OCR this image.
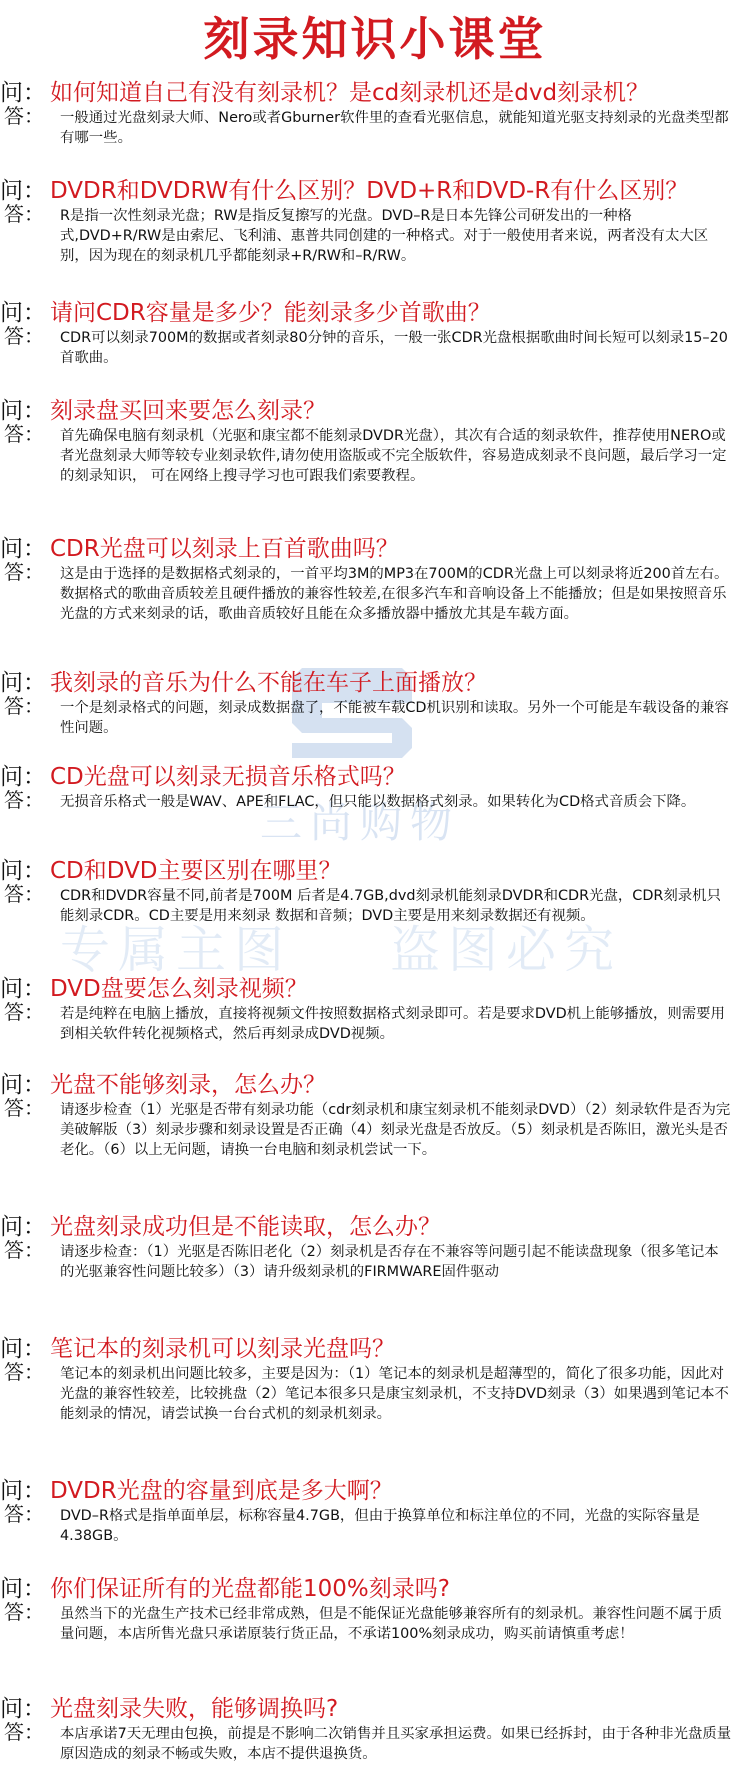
刻录知识小课堂
三尚购物
专属主图 盗图必究
问： 如何知道自己有没有刻录机？是cd刻录机还是dvd刻录机？
答：	一般通过光盘刻录大师、Nero或者Gburner软件里的查看光驱信息，就能知道光驱支持刻录的光盘类型都有哪一些。
问： DVDR和DVDRW有什么区别？DVD+R和DVD-R有什么区别？
答：	R是指一次性刻录光盘；RW是指反复擦写的光盘。DVD–R是日本先锋公司研发出的一种格式,DVD+R/RW是由索尼、飞利浦、惠普共同创建的一种格式。对于一般使用者来说，两者没有太大区别，因为现在的刻录机几乎都能刻录+R/RW和–R/RW。
问： 请问CDR容量是多少？能刻录多少首歌曲？
答：	CDR可以刻录700M的数据或者刻录80分钟的音乐，一般一张CDR光盘根据歌曲时间长短可以刻录15–20首歌曲。
问： 刻录盘买回来要怎么刻录？
答：	首先确保电脑有刻录机（光驱和康宝都不能刻录DVDR光盘），其次有合适的刻录软件，推荐使用NERO或者光盘刻录大师等较专业刻录软件,请勿使用盗版或不完全版软件，容易造成刻录不良问题，最后学习一定的刻录知识， 可在网络上搜寻学习也可跟我们索要教程。
问： CDR光盘可以刻录上百首歌曲吗？
答：	这是由于选择的是数据格式刻录的，一首平均3M的MP3在700M的CDR光盘上可以刻录将近200首左右。数据格式的歌曲音质较差且硬件播放的兼容性较差,在很多汽车和音响设备上不能播放；但是如果按照音乐光盘的方式来刻录的话，歌曲音质较好且能在众多播放器中播放尤其是车载方面。
问： 我刻录的音乐为什么不能在车子上面播放？
答：	一个是刻录格式的问题，刻录成数据盘了，不能被车载CD机识别和读取。另外一个可能是车载设备的兼容性问题。
问： CD光盘可以刻录无损音乐格式吗？
答：	无损音乐格式一般是WAV、APE和FLAC，但只能以数据格式刻录。如果转化为CD格式音质会下降。
问： CD和DVD主要区别在哪里？
答：	CDR和DVDR容量不同,前者是700M 后者是4.7GB,dvd刻录机能刻录DVDR和CDR光盘，CDR刻录机只能刻录CDR。CD主要是用来刻录 数据和音频；DVD主要是用来刻录数据还有视频。
问： DVD盘要怎么刻录视频？
答：	若是纯粹在电脑上播放，直接将视频文件按照数据格式刻录即可。若是要求DVD机上能够播放，则需要用到相关软件转化视频格式，然后再刻录成DVD视频。
问： 光盘不能够刻录，怎么办？
答：	请逐步检查（1）光驱是否带有刻录功能（cdr刻录机和康宝刻录机不能刻录DVD）（2）刻录软件是否为完美破解版（3）刻录步骤和刻录设置是否正确（4）刻录光盘是否放反。（5）刻录机是否陈旧，激光头是否老化。（6）以上无问题，请换一台电脑和刻录机尝试一下。
问： 光盘刻录成功但是不能读取，怎么办？
答：	请逐步检查：（1）光驱是否陈旧老化（2）刻录机是否存在不兼容等问题引起不能读盘现象（很多笔记本的光驱兼容性问题比较多）（3）请升级刻录机的FIRMWARE固件驱动
问： 笔记本的刻录机可以刻录光盘吗？
答：	笔记本的刻录机出问题比较多，主要是因为：（1）笔记本的刻录机是超薄型的，简化了很多功能，因此对光盘的兼容性较差，比较挑盘（2）笔记本很多只是康宝刻录机，不支持DVD刻录（3）如果遇到笔记本不能刻录的情况，请尝试换一台台式机的刻录机刻录。
问： DVDR光盘的容量到底是多大啊？
答：	DVD–R格式是指单面单层，标称容量4.7GB，但由于换算单位和标注单位的不同，光盘的实际容量是4.38GB。
问： 你们保证所有的光盘都能100%刻录吗?
答：	虽然当下的光盘生产技术已经非常成熟，但是不能保证光盘能够兼容所有的刻录机。兼容性问题不属于质量问题，本店所售光盘只承诺原装行货正品，不承诺100%刻录成功，购买前请慎重考虑！
问： 光盘刻录失败，能够调换吗?
答：	本店承诺7天无理由包换，前提是不影响二次销售并且买家承担运费。如果已经拆封，由于各种非光盘质量原因造成的刻录不畅或失败，本店不提供退换货。
